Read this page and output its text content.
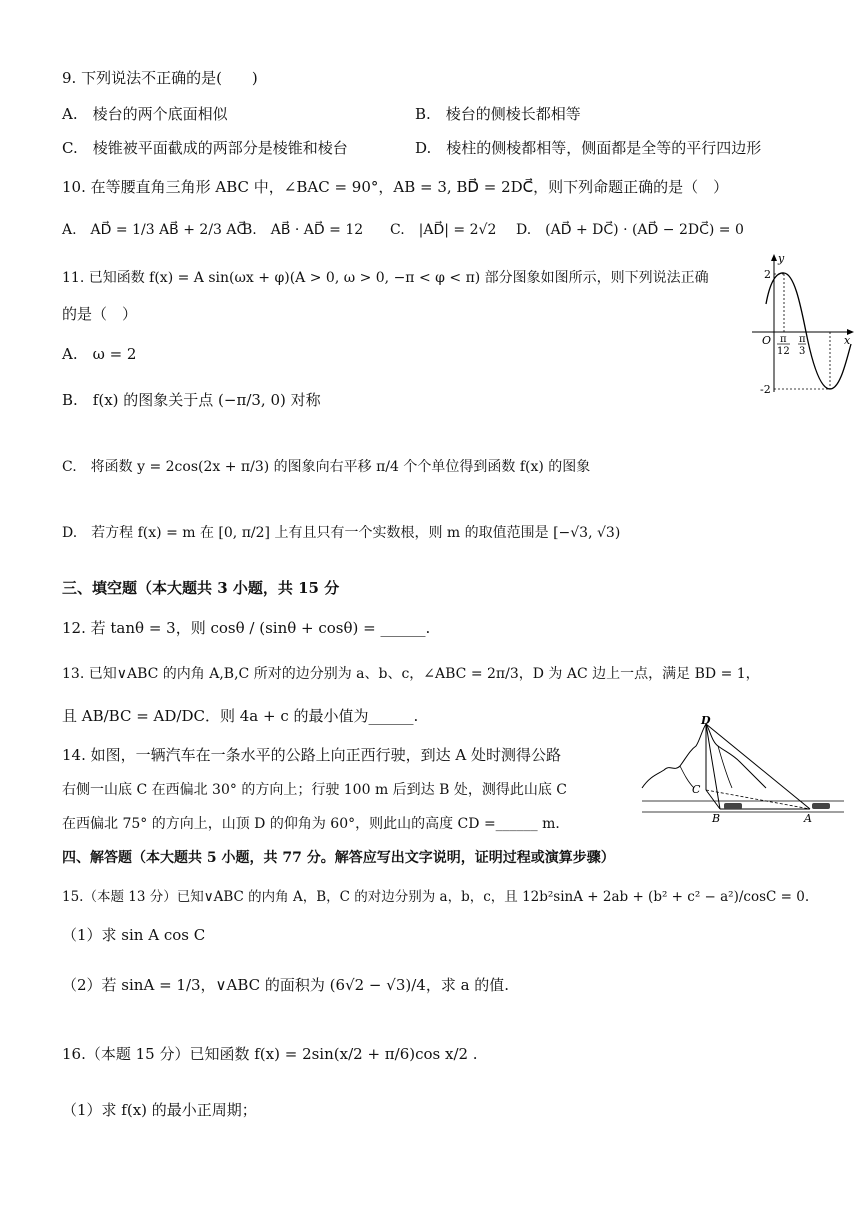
9. 下列说法不正确的是(　　)
A.　棱台的两个底面相似	B.　棱台的侧棱长都相等
C.　棱锥被平面截成的两部分是棱锥和棱台	D.　棱柱的侧棱都相等，侧面都是全等的平行四边形
10. 在等腰直角三角形 ABC 中，∠BAC = 90°，AB = 3, BD⃗ = 2DC⃗，则下列命题正确的是（　）
A.　AD⃗ = 1/3 AB⃗ + 2/3 AC⃗
B.　AB⃗ · AD⃗ = 12 C.　|AD⃗| = 2√2 D.　(AD⃗ + DC⃗) · (AD⃗ − 2DC⃗) = 0
11. 已知函数 f(x) = A sin(ωx + φ)(A > 0, ω > 0, −π < φ < π) 部分图象如图所示，则下列说法正确
的是（　）
A.　ω = 2
B.　f(x) 的图象关于点 (−π/3, 0) 对称
C.　将函数 y = 2cos(2x + π/3) 的图象向右平移 π/4 个个单位得到函数 f(x) 的图象
D.　若方程 f(x) = m 在 [0, π/2] 上有且只有一个实数根，则 m 的取值范围是 [−√3, √3)
y
x
O
2
-2
π
12
π
3
三、填空题（本大题共 3 小题，共 15 分
12. 若 tanθ = 3，则 cosθ / (sinθ + cosθ) = ______.
13. 已知∨ABC 的内角 A,B,C 所对的边分别为 a、b、c，∠ABC = 2π/3，D 为 AC 边上一点，满足 BD = 1，
且 AB/BC = AD/DC．则 4a + c 的最小值为______.
14. 如图，一辆汽车在一条水平的公路上向正西行驶，到达 A 处时测得公路
右侧一山底 C 在西偏北 30° 的方向上；行驶 100 m 后到达 B 处，测得此山底 C
在西偏北 75° 的方向上，山顶 D 的仰角为 60°，则此山的高度 CD =______ m．
D
C
B	A
四、解答题（本大题共 5 小题，共 77 分。解答应写出文字说明，证明过程或演算步骤）
15.（本题 13 分）已知∨ABC 的内角 A，B，C 的对边分别为 a，b，c，且 12b²sinA + 2ab + (b² + c² − a²)/cosC = 0.
（1）求 sin A cos C
（2）若 sinA = 1/3，∨ABC 的面积为 (6√2 − √3)/4，求 a 的值.
16.（本题 15 分）已知函数 f(x) = 2sin(x/2 + π/6)cos x/2 .
（1）求 f(x) 的最小正周期；
